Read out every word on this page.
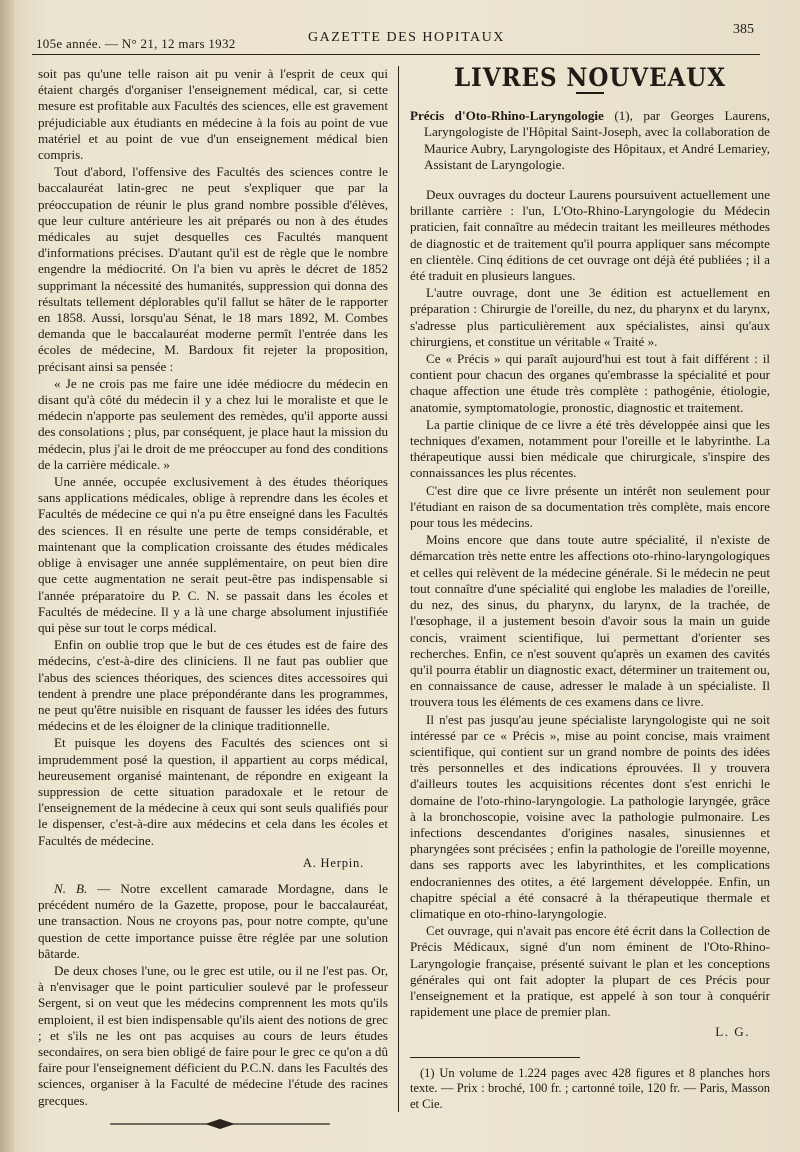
105e année. — N° 21, 12 mars 1932	GAZETTE DES HOPITAUX
385

soit pas qu'une telle raison ait pu venir à l'esprit de ceux qui étaient chargés d'organiser l'enseignement médical, car, si cette mesure est profitable aux Facultés des sciences, elle est gravement préjudiciable aux étudiants en médecine à la fois au point de vue matériel et au point de vue d'un enseignement médical bien compris.

Tout d'abord, l'offensive des Facultés des sciences contre le baccalauréat latin-grec ne peut s'expliquer que par la préoccupation de réunir le plus grand nombre possible d'élèves, que leur culture antérieure les ait préparés ou non à des études médicales au sujet desquelles ces Facultés manquent d'informations précises. D'autant qu'il est de règle que le nombre engendre la médiocrité. On l'a bien vu après le décret de 1852 supprimant la nécessité des humanités, suppression qui donna des résultats tellement déplorables qu'il fallut se hâter de le rapporter en 1858. Aussi, lorsqu'au Sénat, le 18 mars 1892, M. Combes demanda que le baccalauréat moderne permît l'entrée dans les écoles de médecine, M. Bardoux fit rejeter la proposition, précisant ainsi sa pensée :

« Je ne crois pas me faire une idée médiocre du médecin en disant qu'à côté du médecin il y a chez lui le moraliste et que le médecin n'apporte pas seulement des remèdes, qu'il apporte aussi des consolations ; plus, par conséquent, je place haut la mission du médecin, plus j'ai le droit de me préoccuper au fond des conditions de la carrière médicale. »

Une année, occupée exclusivement à des études théoriques sans applications médicales, oblige à reprendre dans les écoles et Facultés de médecine ce qui n'a pu être enseigné dans les Facultés des sciences. Il en résulte une perte de temps considérable, et maintenant que la complication croissante des études médicales oblige à envisager une année supplémentaire, on peut bien dire que cette augmentation ne serait peut-être pas indispensable si l'année préparatoire du P. C. N. se passait dans les écoles et Facultés de médecine. Il y a là une charge absolument injustifiée qui pèse sur tout le corps médical.

Enfin on oublie trop que le but de ces études est de faire des médecins, c'est-à-dire des cliniciens. Il ne faut pas oublier que l'abus des sciences théoriques, des sciences dites accessoires qui tendent à prendre une place prépondérante dans les programmes, ne peut qu'être nuisible en risquant de fausser les idées des futurs médecins et de les éloigner de la clinique traditionnelle.

Et puisque les doyens des Facultés des sciences ont si imprudemment posé la question, il appartient au corps médical, heureusement organisé maintenant, de répondre en exigeant la suppression de cette situation paradoxale et le retour de l'enseignement de la médecine à ceux qui sont seuls qualifiés pour le dispenser, c'est-à-dire aux médecins et cela dans les écoles et Facultés de médecine.

A. Herpin.

N. B. — Notre excellent camarade Mordagne, dans le précédent numéro de la Gazette, propose, pour le baccalauréat, une transaction. Nous ne croyons pas, pour notre compte, qu'une question de cette importance puisse être réglée par une solution bâtarde.

De deux choses l'une, ou le grec est utile, ou il ne l'est pas. Or, à n'envisager que le point particulier soulevé par le professeur Sergent, si on veut que les médecins comprennent les mots qu'ils emploient, il est bien indispensable qu'ils aient des notions de grec ; et s'ils ne les ont pas acquises au cours de leurs études secondaires, on sera bien obligé de faire pour le grec ce qu'on a dû faire pour l'enseignement déficient du P.C.N. dans les Facultés des sciences, organiser à la Faculté de médecine l'étude des racines grecques.

LIVRES NOUVEAUX

Précis d'Oto-Rhino-Laryngologie (1), par Georges Laurens, Laryngologiste de l'Hôpital Saint-Joseph, avec la collaboration de Maurice Aubry, Laryngologiste des Hôpitaux, et André Lemariey, Assistant de Laryngologie.

Deux ouvrages du docteur Laurens poursuivent actuellement une brillante carrière : l'un, L'Oto-Rhino-Laryngologie du Médecin praticien, fait connaître au médecin traitant les meilleures méthodes de diagnostic et de traitement qu'il pourra appliquer sans mécompte en clientèle. Cinq éditions de cet ouvrage ont déjà été publiées ; il a été traduit en plusieurs langues.

L'autre ouvrage, dont une 3e édition est actuellement en préparation : Chirurgie de l'oreille, du nez, du pharynx et du larynx, s'adresse plus particulièrement aux spécialistes, ainsi qu'aux chirurgiens, et constitue un véritable « Traité ».

Ce « Précis » qui paraît aujourd'hui est tout à fait différent : il contient pour chacun des organes qu'embrasse la spécialité et pour chaque affection une étude très complète : pathogénie, étiologie, anatomie, symptomatologie, pronostic, diagnostic et traitement.

La partie clinique de ce livre a été très développée ainsi que les techniques d'examen, notamment pour l'oreille et le labyrinthe. La thérapeutique aussi bien médicale que chirurgicale, s'inspire des connaissances les plus récentes.

C'est dire que ce livre présente un intérêt non seulement pour l'étudiant en raison de sa documentation très complète, mais encore pour tous les médecins.

Moins encore que dans toute autre spécialité, il n'existe de démarcation très nette entre les affections oto-rhino-laryngologiques et celles qui relèvent de la médecine générale. Si le médecin ne peut tout connaître d'une spécialité qui englobe les maladies de l'oreille, du nez, des sinus, du pharynx, du larynx, de la trachée, de l'œsophage, il a justement besoin d'avoir sous la main un guide concis, vraiment scientifique, lui permettant d'orienter ses recherches. Enfin, ce n'est souvent qu'après un examen des cavités qu'il pourra établir un diagnostic exact, déterminer un traitement ou, en connaissance de cause, adresser le malade à un spécialiste. Il trouvera tous les éléments de ces examens dans ce livre.

Il n'est pas jusqu'au jeune spécialiste laryngologiste qui ne soit intéressé par ce « Précis », mise au point concise, mais vraiment scientifique, qui contient sur un grand nombre de points des idées très personnelles et des indications éprouvées. Il y trouvera d'ailleurs toutes les acquisitions récentes dont s'est enrichi le domaine de l'oto-rhino-laryngologie. La pathologie laryngée, grâce à la bronchoscopie, voisine avec la pathologie pulmonaire. Les infections descendantes d'origines nasales, sinusiennes et pharyngées sont précisées ; enfin la pathologie de l'oreille moyenne, dans ses rapports avec les labyrinthites, et les complications endocraniennes des otites, a été largement développée. Enfin, un chapitre spécial a été consacré à la thérapeutique thermale et climatique en oto-rhino-laryngologie.

Cet ouvrage, qui n'avait pas encore été écrit dans la Collection de Précis Médicaux, signé d'un nom éminent de l'Oto-Rhino-Laryngologie française, présenté suivant le plan et les conceptions générales qui ont fait adopter la plupart de ces Précis pour l'enseignement et la pratique, est appelé à son tour à conquérir rapidement une place de premier plan.

L. G.

(1) Un volume de 1.224 pages avec 428 figures et 8 planches hors texte. — Prix : broché, 100 fr. ; cartonné toile, 120 fr. — Paris, Masson et Cie.
